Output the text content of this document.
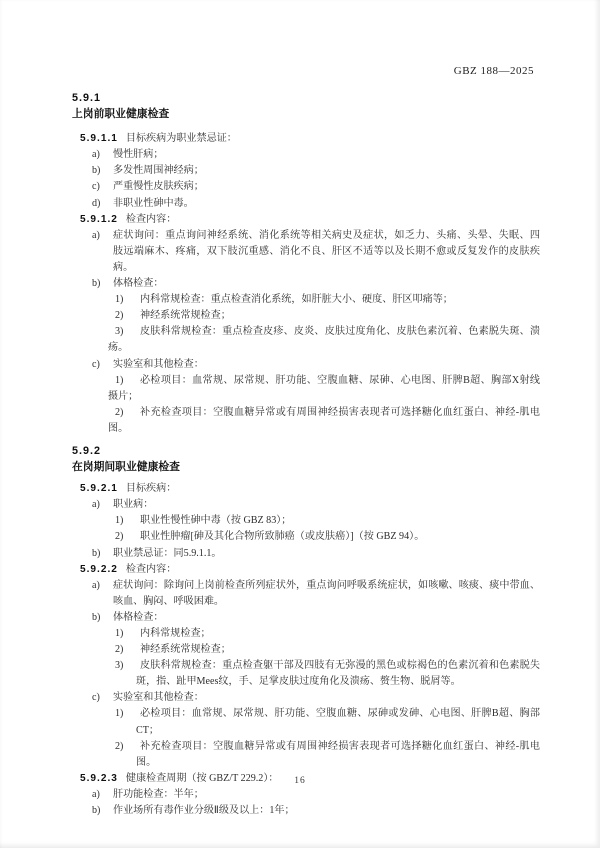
GBZ 188—2025
5.9.1
上岗前职业健康检查
5.9.1.1 目标疾病为职业禁忌证：
a)	慢性肝病；
b)	多发性周围神经病；
c)	严重慢性皮肤疾病；
d)	非职业性砷中毒。
5.9.1.2 检查内容：
a)	症状询问：重点询问神经系统、消化系统等相关病史及症状，如乏力、头痛、头晕、失眠、四
肢远端麻木、疼痛，双下肢沉重感、消化不良、肝区不适等以及长期不愈或反复发作的皮肤疾
病。
b)	体格检查：
1)	内科常规检查：重点检查消化系统，如肝脏大小、硬度、肝区叩痛等；
2)	神经系统常规检查；
3)	皮肤科常规检查：重点检查皮疹、皮炎、皮肤过度角化、皮肤色素沉着、色素脱失斑、溃
疡。
c)	实验室和其他检查：
1)	必检项目：血常规、尿常规、肝功能、空腹血糖、尿砷、心电图、肝脾B超、胸部X射线
摄片；
2)	补充检查项目：空腹血糖异常或有周围神经损害表现者可选择糖化血红蛋白、神经-肌电
图。
5.9.2
在岗期间职业健康检查
5.9.2.1 目标疾病：
a)	职业病：
1)	职业性慢性砷中毒（按 GBZ 83）；
2)	职业性肿瘤[砷及其化合物所致肺癌（或皮肤癌）]（按 GBZ 94）。
b)	职业禁忌证：同5.9.1.1。
5.9.2.2 检查内容：
a)	症状询问：除询问上岗前检查所列症状外，重点询问呼吸系统症状，如咳嗽、咳痰、痰中带血、
咳血、胸闷、呼吸困难。
b)	体格检查：
1)	内科常规检查；
2)	神经系统常规检查；
3)	皮肤科常规检查：重点检查躯干部及四肢有无弥漫的黑色或棕褐色的色素沉着和色素脱失
斑，指、趾甲Mees纹，手、足掌皮肤过度角化及溃疡、赘生物、脱屑等。
c)	实验室和其他检查：
1)	必检项目：血常规、尿常规、肝功能、空腹血糖、尿砷或发砷、心电图、肝脾B超、胸部
CT；
2)	补充检查项目：空腹血糖异常或有周围神经损害表现者可选择糖化血红蛋白、神经-肌电
图。
5.9.2.3 健康检查周期（按 GBZ/T 229.2）：
a)	肝功能检查：半年；
b)	作业场所有毒作业分级Ⅱ级及以上：1年；
16
